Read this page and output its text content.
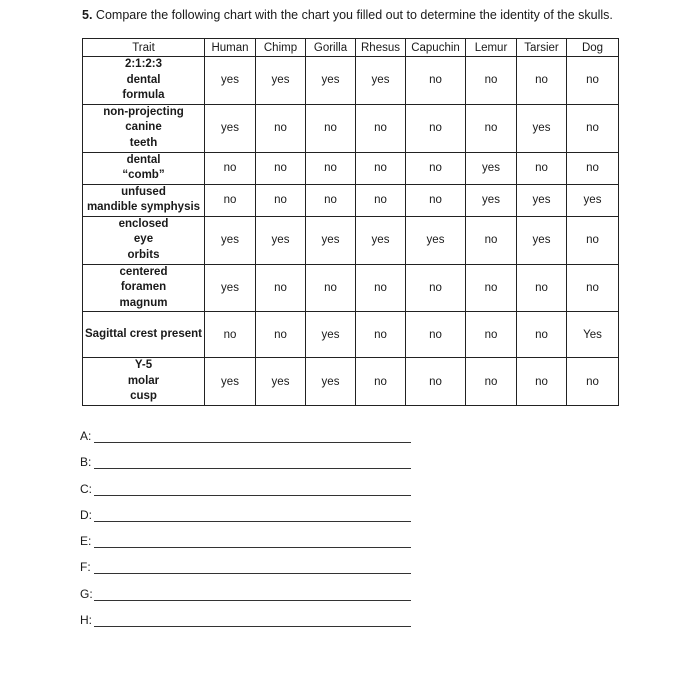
5. Compare the following chart with the chart you filled out to determine the identity of the skulls.
Trait	Human	Chimp	Gorilla	Rhesus	Capuchin	Lemur	Tarsier	Dog

2:1:2:3
dental
formula	yes	yes	yes	yes	no	no	no	no

non-projecting
canine
teeth	yes	no	no	no	no	no	yes	no

dental
“comb”	no	no	no	no	no	yes	no	no

unfused
mandible symphysis	no	no	no	no	no	yes	yes	yes

enclosed
eye
orbits	yes	yes	yes	yes	yes	no	yes	no

centered
foramen
magnum	yes	no	no	no	no	no	no	no

Sagittal crest present	no	no	yes	no	no	no	no	Yes

Y-5
molar
cusp	yes	yes	yes	no	no	no	no	no
A:
B:
C:
D:
E:
F:
G:
H:
